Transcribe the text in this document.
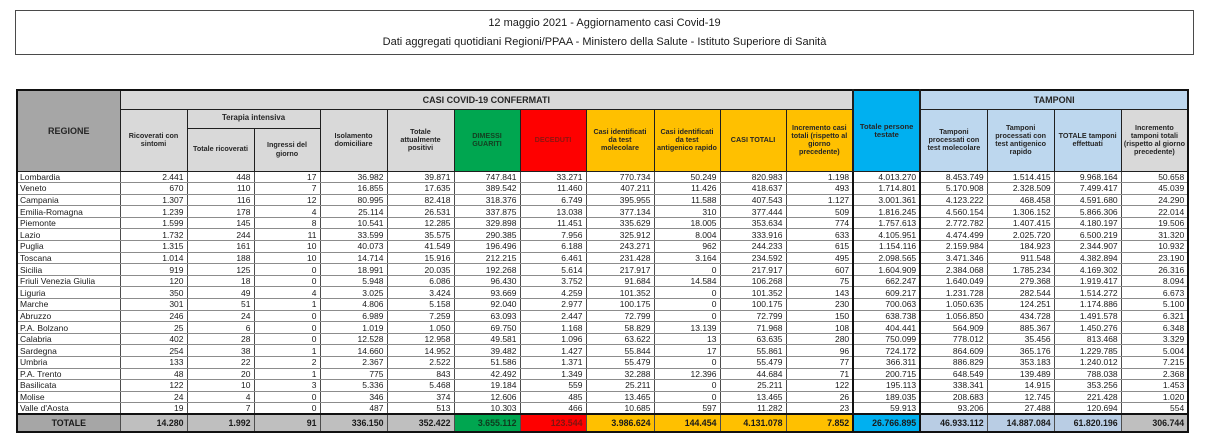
12 maggio 2021 - Aggiornamento casi Covid-19
Dati aggregati quotidiani Regioni/PPAA - Ministero della Salute - Istituto Superiore di Sanità
REGIONE	CASI COVID-19 CONFERMATI											Totale persone testate	TAMPONI			
	Ricoverati con sintomi	Terapia intensiva		Isolamento domiciliare	Totale attualmente positivi	DIMESSI GUARITI	DECEDUTI	Casi identificati da test molecolare	Casi identificati da test antigenico rapido	CASI TOTALI	Incremento casi totali (rispetto al giorno precedente)		Tamponi processati con test molecolare	Tamponi processati con test antigenico rapido	TOTALE tamponi effettuati	Incremento tamponi totali (rispetto al giorno precedente)
		Totale ricoverati	Ingressi del giorno													
Lombardia	2.441	448	17	36.982	39.871	747.841	33.271	770.734	50.249	820.983	1.198	4.013.270	8.453.749	1.514.415	9.968.164	50.658
Veneto	670	110	7	16.855	17.635	389.542	11.460	407.211	11.426	418.637	493	1.714.801	5.170.908	2.328.509	7.499.417	45.039
Campania	1.307	116	12	80.995	82.418	318.376	6.749	395.955	11.588	407.543	1.127	3.001.361	4.123.222	468.458	4.591.680	24.290
Emilia-Romagna	1.239	178	4	25.114	26.531	337.875	13.038	377.134	310	377.444	509	1.816.245	4.560.154	1.306.152	5.866.306	22.014
Piemonte	1.599	145	8	10.541	12.285	329.898	11.451	335.629	18.005	353.634	774	1.757.613	2.772.782	1.407.415	4.180.197	19.506
Lazio	1.732	244	11	33.599	35.575	290.385	7.956	325.912	8.004	333.916	633	4.105.951	4.474.499	2.025.720	6.500.219	31.320
Puglia	1.315	161	10	40.073	41.549	196.496	6.188	243.271	962	244.233	615	1.154.116	2.159.984	184.923	2.344.907	10.932
Toscana	1.014	188	10	14.714	15.916	212.215	6.461	231.428	3.164	234.592	495	2.098.565	3.471.346	911.548	4.382.894	23.190
Sicilia	919	125	0	18.991	20.035	192.268	5.614	217.917	0	217.917	607	1.604.909	2.384.068	1.785.234	4.169.302	26.316
Friuli Venezia Giulia	120	18	0	5.948	6.086	96.430	3.752	91.684	14.584	106.268	75	662.247	1.640.049	279.368	1.919.417	8.094
Liguria	350	49	4	3.025	3.424	93.669	4.259	101.352	0	101.352	143	609.217	1.231.728	282.544	1.514.272	6.673
Marche	301	51	1	4.806	5.158	92.040	2.977	100.175	0	100.175	230	700.063	1.050.635	124.251	1.174.886	5.100
Abruzzo	246	24	0	6.989	7.259	63.093	2.447	72.799	0	72.799	150	638.738	1.056.850	434.728	1.491.578	6.321
P.A. Bolzano	25	6	0	1.019	1.050	69.750	1.168	58.829	13.139	71.968	108	404.441	564.909	885.367	1.450.276	6.348
Calabria	402	28	0	12.528	12.958	49.581	1.096	63.622	13	63.635	280	750.099	778.012	35.456	813.468	3.329
Sardegna	254	38	1	14.660	14.952	39.482	1.427	55.844	17	55.861	96	724.172	864.609	365.176	1.229.785	5.004
Umbria	133	22	2	2.367	2.522	51.586	1.371	55.479	0	55.479	77	366.311	886.829	353.183	1.240.012	7.215
P.A. Trento	48	20	1	775	843	42.492	1.349	32.288	12.396	44.684	71	200.715	648.549	139.489	788.038	2.368
Basilicata	122	10	3	5.336	5.468	19.184	559	25.211	0	25.211	122	195.113	338.341	14.915	353.256	1.453
Molise	24	4	0	346	374	12.606	485	13.465	0	13.465	26	189.035	208.683	12.745	221.428	1.020
Valle d'Aosta	19	7	0	487	513	10.303	466	10.685	597	11.282	23	59.913	93.206	27.488	120.694	554
TOTALE	14.280	1.992	91	336.150	352.422	3.655.112	123.544	3.986.624	144.454	4.131.078	7.852	26.766.895	46.933.112	14.887.084	61.820.196	306.744
